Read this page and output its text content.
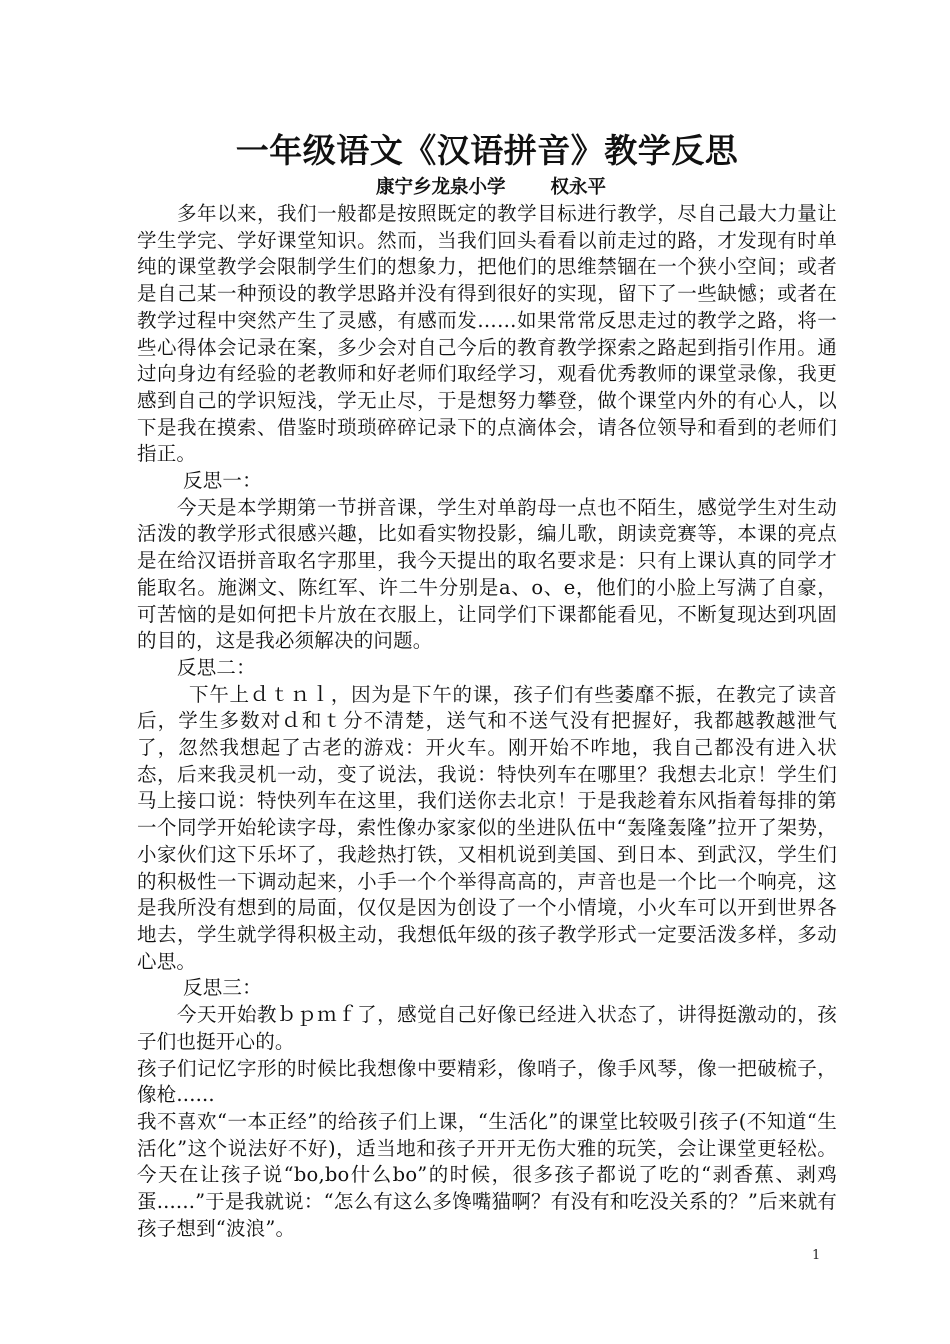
一年级语文《汉语拼音》教学反思

康宁乡龙泉小学       权永平

多年以来，我们一般都是按照既定的教学目标进行教学，尽自己最大力量让学生学完、学好课堂知识。然而，当我们回头看看以前走过的路，才发现有时单纯的课堂教学会限制学生们的想象力，把他们的思维禁锢在一个狭小空间；或者是自己某一种预设的教学思路并没有得到很好的实现，留下了一些缺憾；或者在教学过程中突然产生了灵感，有感而发……如果常常反思走过的教学之路，将一些心得体会记录在案，多少会对自己今后的教育教学探索之路起到指引作用。通过向身边有经验的老教师和好老师们取经学习，观看优秀教师的课堂录像，我更感到自己的学识短浅，学无止尽，于是想努力攀登，做个课堂内外的有心人，以下是我在摸索、借鉴时琐琐碎碎记录下的点滴体会，请各位领导和看到的老师们指正。

反思一：

今天是本学期第一节拼音课，学生对单韵母一点也不陌生，感觉学生对生动活泼的教学形式很感兴趣，比如看实物投影，编儿歌，朗读竞赛等，本课的亮点是在给汉语拼音取名字那里，我今天提出的取名要求是：只有上课认真的同学才能取名。施渊文、陈红军、许二牛分别是a、o、e，他们的小脸上写满了自豪，可苦恼的是如何把卡片放在衣服上，让同学们下课都能看见，不断复现达到巩固的目的，这是我必须解决的问题。

反思二：

下午上ｄｔｎｌ，因为是下午的课，孩子们有些萎靡不振，在教完了读音后，学生多数对ｄ和ｔ分不清楚，送气和不送气没有把握好，我都越教越泄气了，忽然我想起了古老的游戏：开火车。刚开始不咋地，我自己都没有进入状态，后来我灵机一动，变了说法，我说：特快列车在哪里？我想去北京！学生们马上接口说：特快列车在这里，我们送你去北京！于是我趁着东风指着每排的第一个同学开始轮读字母，索性像办家家似的坐进队伍中“轰隆轰隆”拉开了架势，小家伙们这下乐坏了，我趁热打铁，又相机说到美国、到日本、到武汉，学生们的积极性一下调动起来，小手一个个举得高高的，声音也是一个比一个响亮，这是我所没有想到的局面，仅仅是因为创设了一个小情境，小火车可以开到世界各地去，学生就学得积极主动，我想低年级的孩子教学形式一定要活泼多样，多动心思。

反思三：

今天开始教ｂｐｍｆ了，感觉自己好像已经进入状态了，讲得挺激动的，孩子们也挺开心的。

孩子们记忆字形的时候比我想像中要精彩，像哨子，像手风琴，像一把破梳子，像枪......

我不喜欢“一本正经”的给孩子们上课，“生活化”的课堂比较吸引孩子(不知道“生活化”这个说法好不好)，适当地和孩子开开无伤大雅的玩笑，会让课堂更轻松。今天在让孩子说“bo,bo什么bo”的时候，很多孩子都说了吃的“剥香蕉、剥鸡蛋......”于是我就说：“怎么有这么多馋嘴猫啊？有没有和吃没关系的？”后来就有孩子想到“波浪”。

1
